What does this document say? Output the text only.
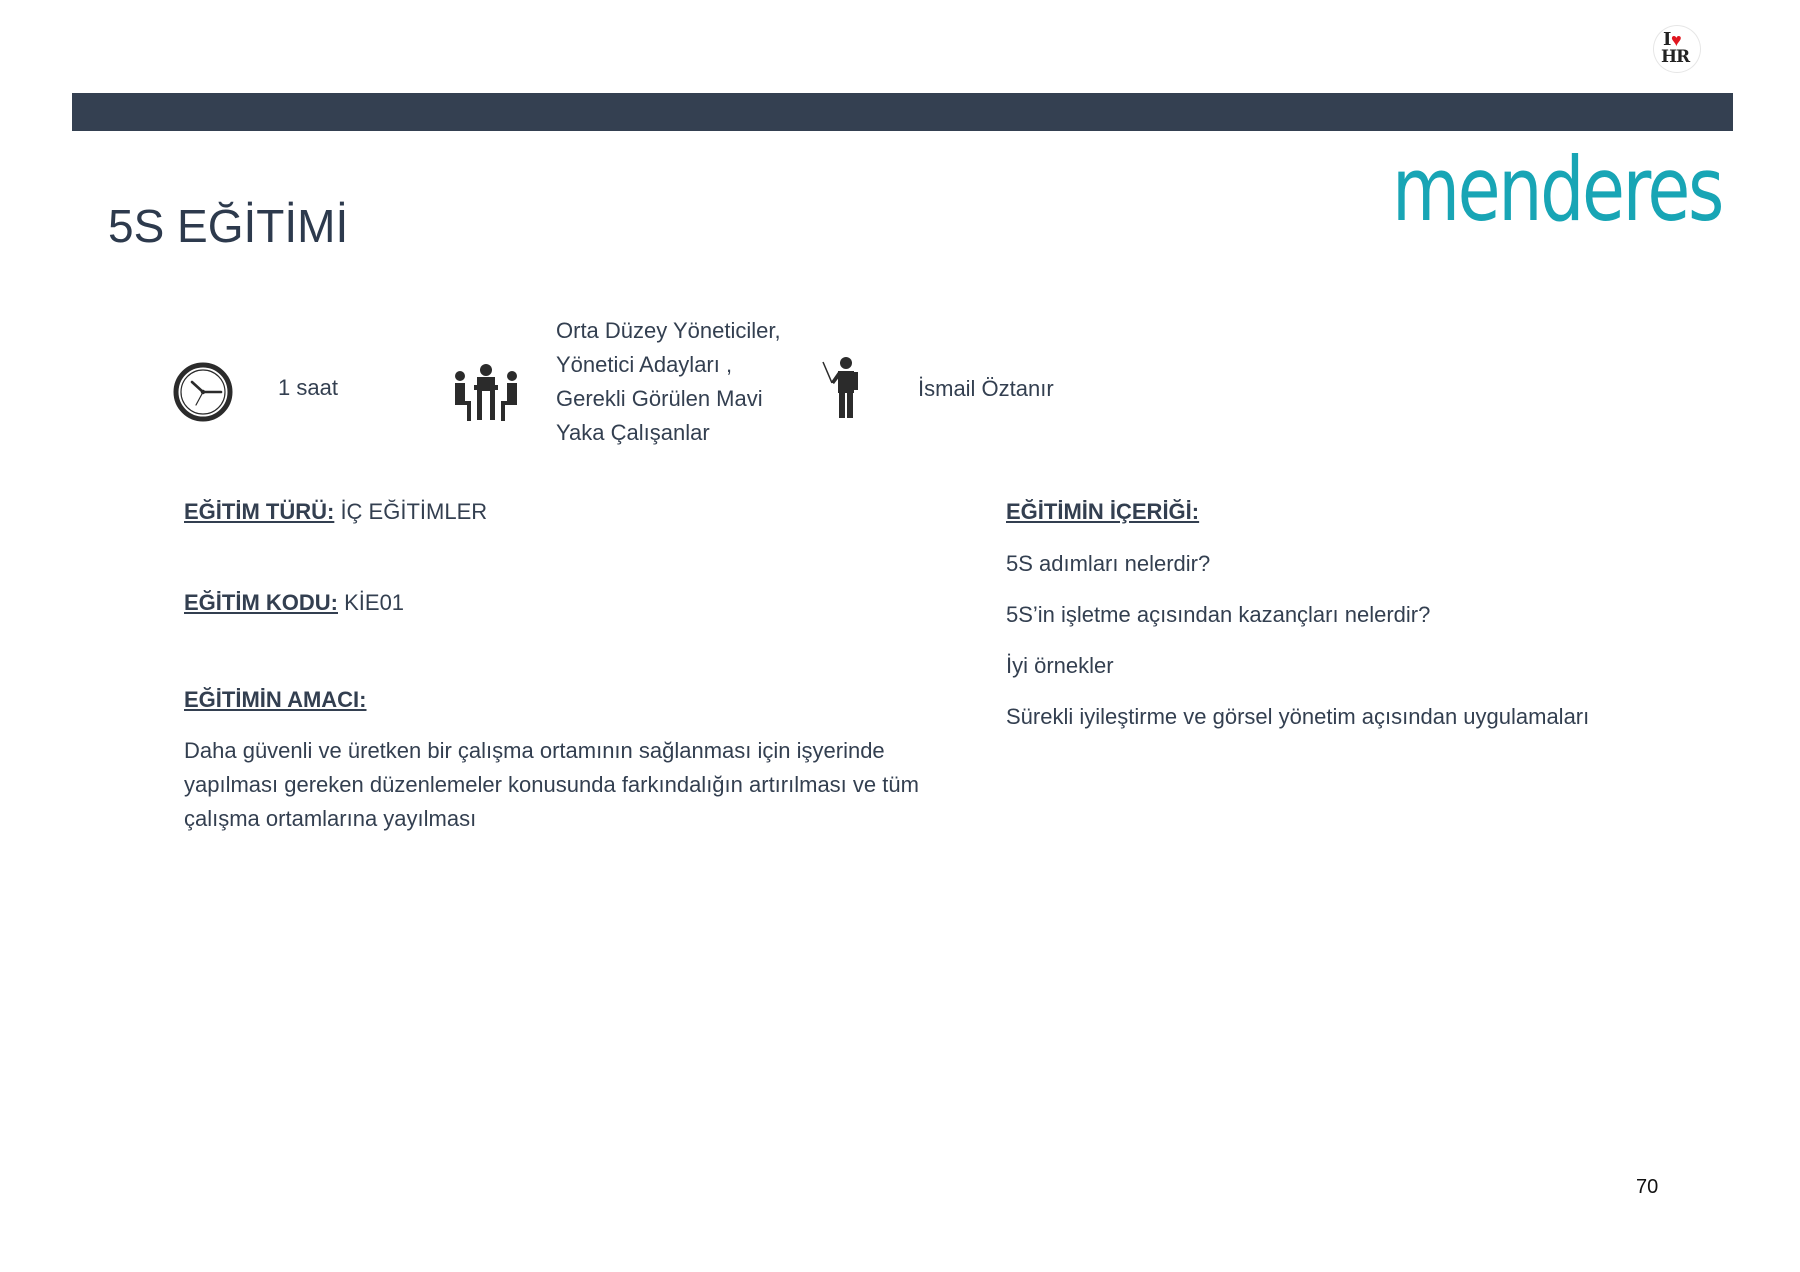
I ♥
HR
menderes
5S EĞİTİMİ
1 saat
Orta Düzey Yöneticiler, Yönetici Adayları , Gerekli Görülen Mavi Yaka Çalışanlar
İsmail Öztanır
EĞİTİM TÜRÜ: İÇ EĞİTİMLER
EĞİTİM KODU: KİE01
EĞİTİMİN AMACI:
Daha güvenli ve üretken bir çalışma ortamının sağlanması için işyerinde yapılması gereken düzenlemeler konusunda farkındalığın artırılması ve tüm çalışma ortamlarına yayılması
EĞİTİMİN İÇERİĞİ:
5S adımları nelerdir?
5S’in işletme açısından kazançları nelerdir?
İyi örnekler
Sürekli iyileştirme ve görsel yönetim açısından uygulamaları
70
